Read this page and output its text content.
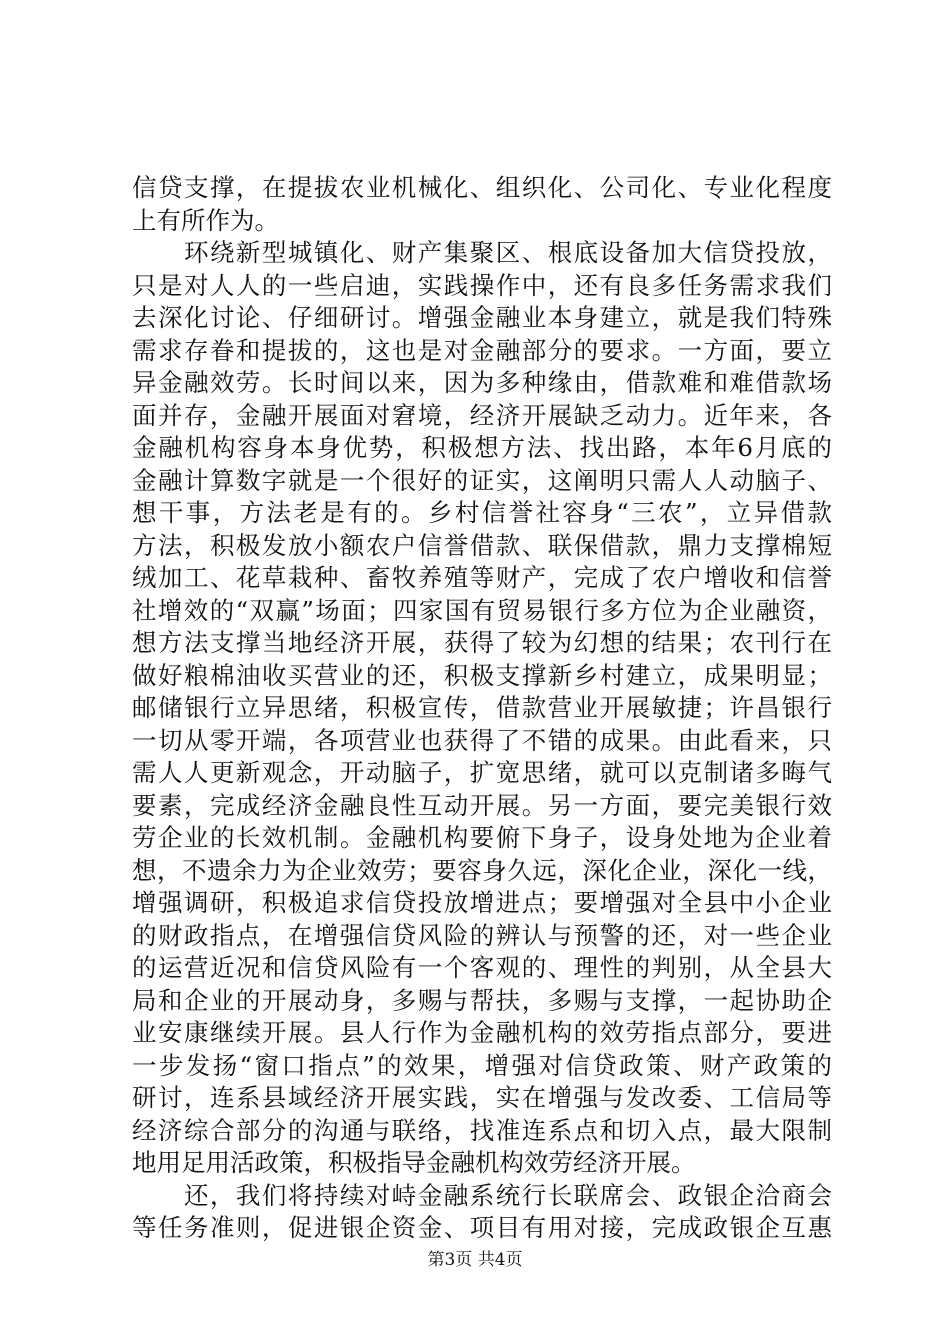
信贷支撑，在提拔农业机械化、组织化、公司化、专业化程度
上有所作为。
　　环绕新型城镇化、财产集聚区、根底设备加大信贷投放，
只是对人人的一些启迪，实践操作中，还有良多任务需求我们
去深化讨论、仔细研讨。增强金融业本身建立，就是我们特殊
需求存眷和提拔的，这也是对金融部分的要求。一方面，要立
异金融效劳。长时间以来，因为多种缘由，借款难和难借款场
面并存，金融开展面对窘境，经济开展缺乏动力。近年来，各
金融机构容身本身优势，积极想方法、找出路，本年6月底的
金融计算数字就是一个很好的证实，这阐明只需人人动脑子、
想干事，方法老是有的。乡村信誉社容身“三农”，立异借款
方法，积极发放小额农户信誉借款、联保借款，鼎力支撑棉短
绒加工、花草栽种、畜牧养殖等财产，完成了农户增收和信誉
社增效的“双赢”场面；四家国有贸易银行多方位为企业融资，
想方法支撑当地经济开展，获得了较为幻想的结果；农刊行在
做好粮棉油收买营业的还，积极支撑新乡村建立，成果明显；
邮储银行立异思绪，积极宣传，借款营业开展敏捷；许昌银行
一切从零开端，各项营业也获得了不错的成果。由此看来，只
需人人更新观念，开动脑子，扩宽思绪，就可以克制诸多晦气
要素，完成经济金融良性互动开展。另一方面，要完美银行效
劳企业的长效机制。金融机构要俯下身子，设身处地为企业着
想，不遗余力为企业效劳；要容身久远，深化企业，深化一线，
增强调研，积极追求信贷投放增进点；要增强对全县中小企业
的财政指点，在增强信贷风险的辨认与预警的还，对一些企业
的运营近况和信贷风险有一个客观的、理性的判别，从全县大
局和企业的开展动身，多赐与帮扶，多赐与支撑，一起协助企
业安康继续开展。县人行作为金融机构的效劳指点部分，要进
一步发扬“窗口指点”的效果，增强对信贷政策、财产政策的
研讨，连系县域经济开展实践，实在增强与发改委、工信局等
经济综合部分的沟通与联络，找准连系点和切入点，最大限制
地用足用活政策，积极指导金融机构效劳经济开展。
　　还，我们将持续对峙金融系统行长联席会、政银企洽商会
等任务准则，促进银企资金、项目有用对接，完成政银企互惠
第3页 共4页
